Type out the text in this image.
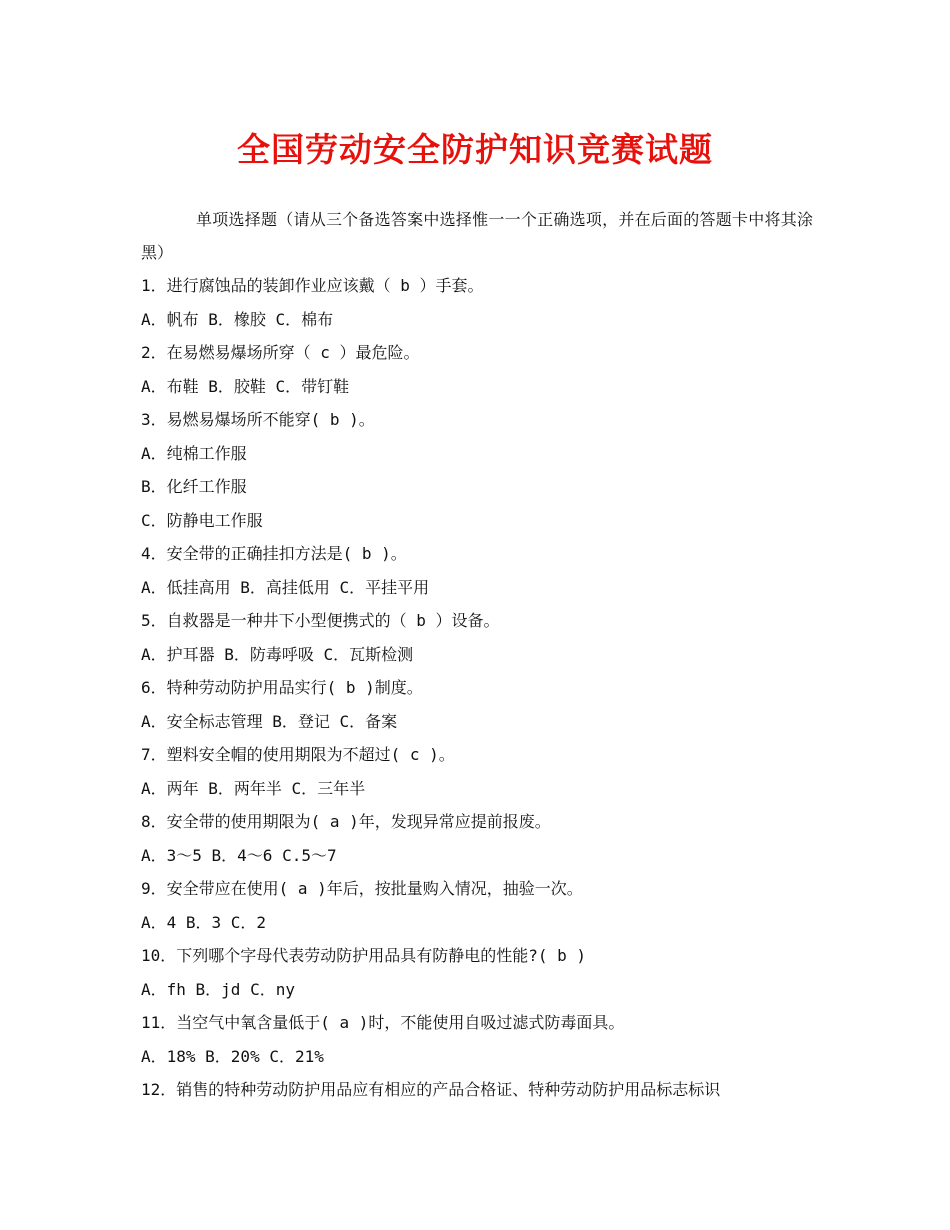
全国劳动安全防护知识竞赛试题

单项选择题（请从三个备选答案中选择惟一一个正确选项，并在后面的答题卡中将其涂黑）

1．进行腐蚀品的装卸作业应该戴（ b ）手套。

A．帆布 B．橡胶 C．棉布

2．在易燃易爆场所穿（ c ）最危险。

A．布鞋 B．胶鞋 C．带钉鞋

3．易燃易爆场所不能穿( b )。

A．纯棉工作服

B．化纤工作服

C．防静电工作服

4．安全带的正确挂扣方法是( b )。

A．低挂高用 B．高挂低用 C．平挂平用

5．自救器是一种井下小型便携式的（ b ）设备。

A．护耳器 B．防毒呼吸 C．瓦斯检测

6．特种劳动防护用品实行( b )制度。

A．安全标志管理 B．登记 C．备案

7．塑料安全帽的使用期限为不超过( c )。

A．两年 B．两年半 C．三年半

8．安全带的使用期限为( a )年，发现异常应提前报废。

A．3～5 B．4～6 C.5～7

9．安全带应在使用( a )年后，按批量购入情况，抽验一次。

A．4 B．3 C．2

10．下列哪个字母代表劳动防护用品具有防静电的性能?( b )

A．fh B．jd C．ny

11．当空气中氧含量低于( a )时，不能使用自吸过滤式防毒面具。

A．18% B．20% C．21%

12．销售的特种劳动防护用品应有相应的产品合格证、特种劳动防护用品标志标识
